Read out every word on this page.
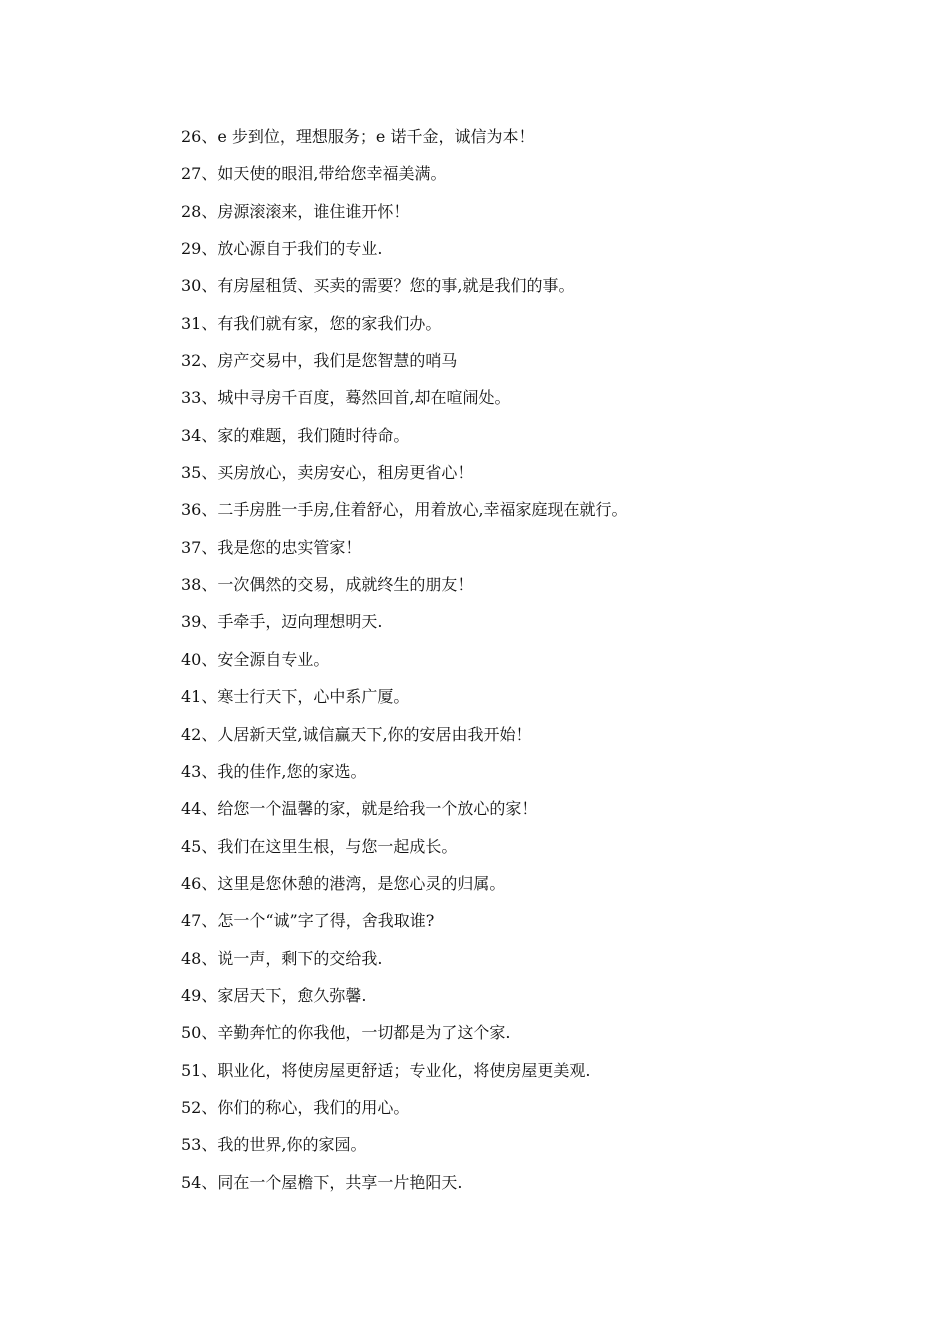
26、e 步到位，理想服务；e 诺千金，诚信为本！
27、如天使的眼泪,带给您幸福美满。
28、房源滚滚来，谁住谁开怀！
29、放心源自于我们的专业.
30、有房屋租赁、买卖的需要？您的事,就是我们的事。
31、有我们就有家，您的家我们办。
32、房产交易中，我们是您智慧的哨马
33、城中寻房千百度，蓦然回首,却在喧闹处。
34、家的难题，我们随时待命。
35、买房放心，卖房安心，租房更省心！
36、二手房胜一手房,住着舒心，用着放心,幸福家庭现在就行。
37、我是您的忠实管家！
38、一次偶然的交易，成就终生的朋友！
39、手牵手，迈向理想明天.
40、安全源自专业。
41、寒士行天下，心中系广厦。
42、人居新天堂,诚信赢天下,你的安居由我开始！
43、我的佳作,您的家选。
44、给您一个温馨的家，就是给我一个放心的家！
45、我们在这里生根，与您一起成长。
46、这里是您休憩的港湾，是您心灵的归属。
47、怎一个“诚”字了得，舍我取谁?
48、说一声，剩下的交给我.
49、家居天下，愈久弥馨.
50、辛勤奔忙的你我他，一切都是为了这个家.
51、职业化，将使房屋更舒适；专业化，将使房屋更美观.
52、你们的称心，我们的用心。
53、我的世界,你的家园。
54、同在一个屋檐下，共享一片艳阳天.
